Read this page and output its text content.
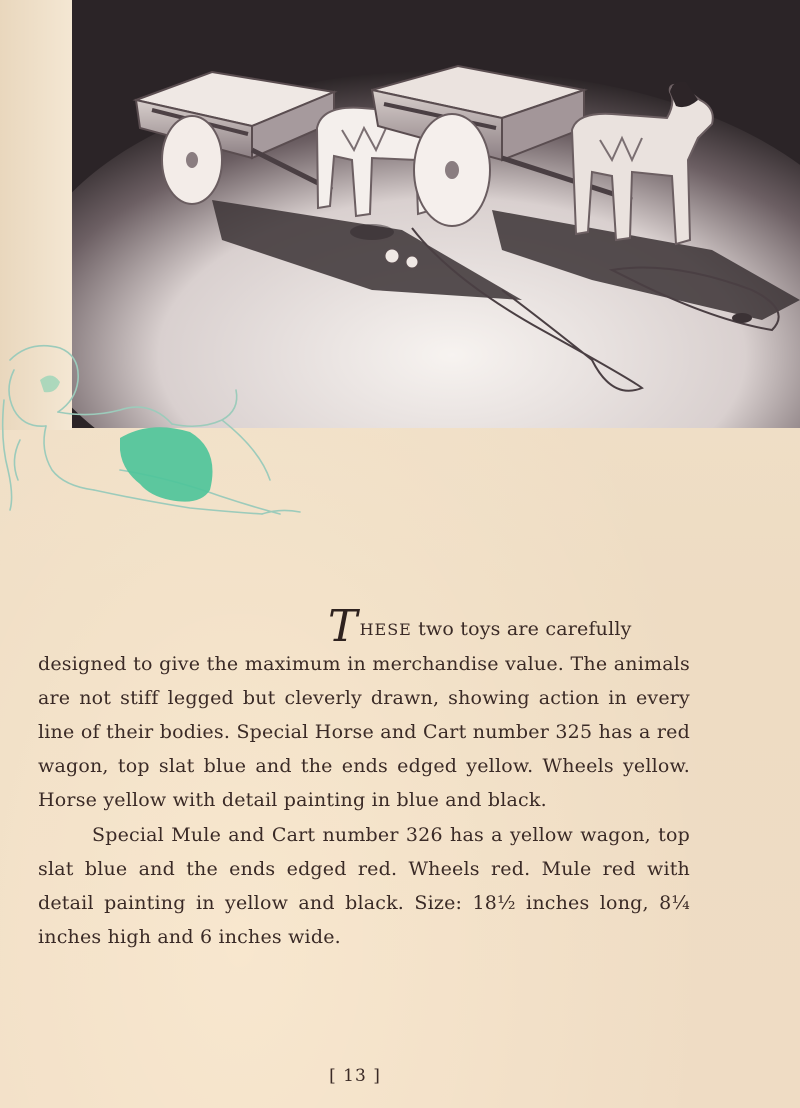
THESE two toys are carefully
designed to give the maximum in merchandise value. The animals are not stiff legged but cleverly drawn, showing action in every line of their bodies. Special Horse and Cart number 325 has a red wagon, top slat blue and the ends edged yellow. Wheels yellow. Horse yellow with detail painting in blue and black.

Special Mule and Cart number 326 has a yellow wagon, top slat blue and the ends edged red. Wheels red. Mule red with detail painting in yellow and black. Size: 18½ inches long, 8¼ inches high and 6 inches wide.

[ 13 ]
